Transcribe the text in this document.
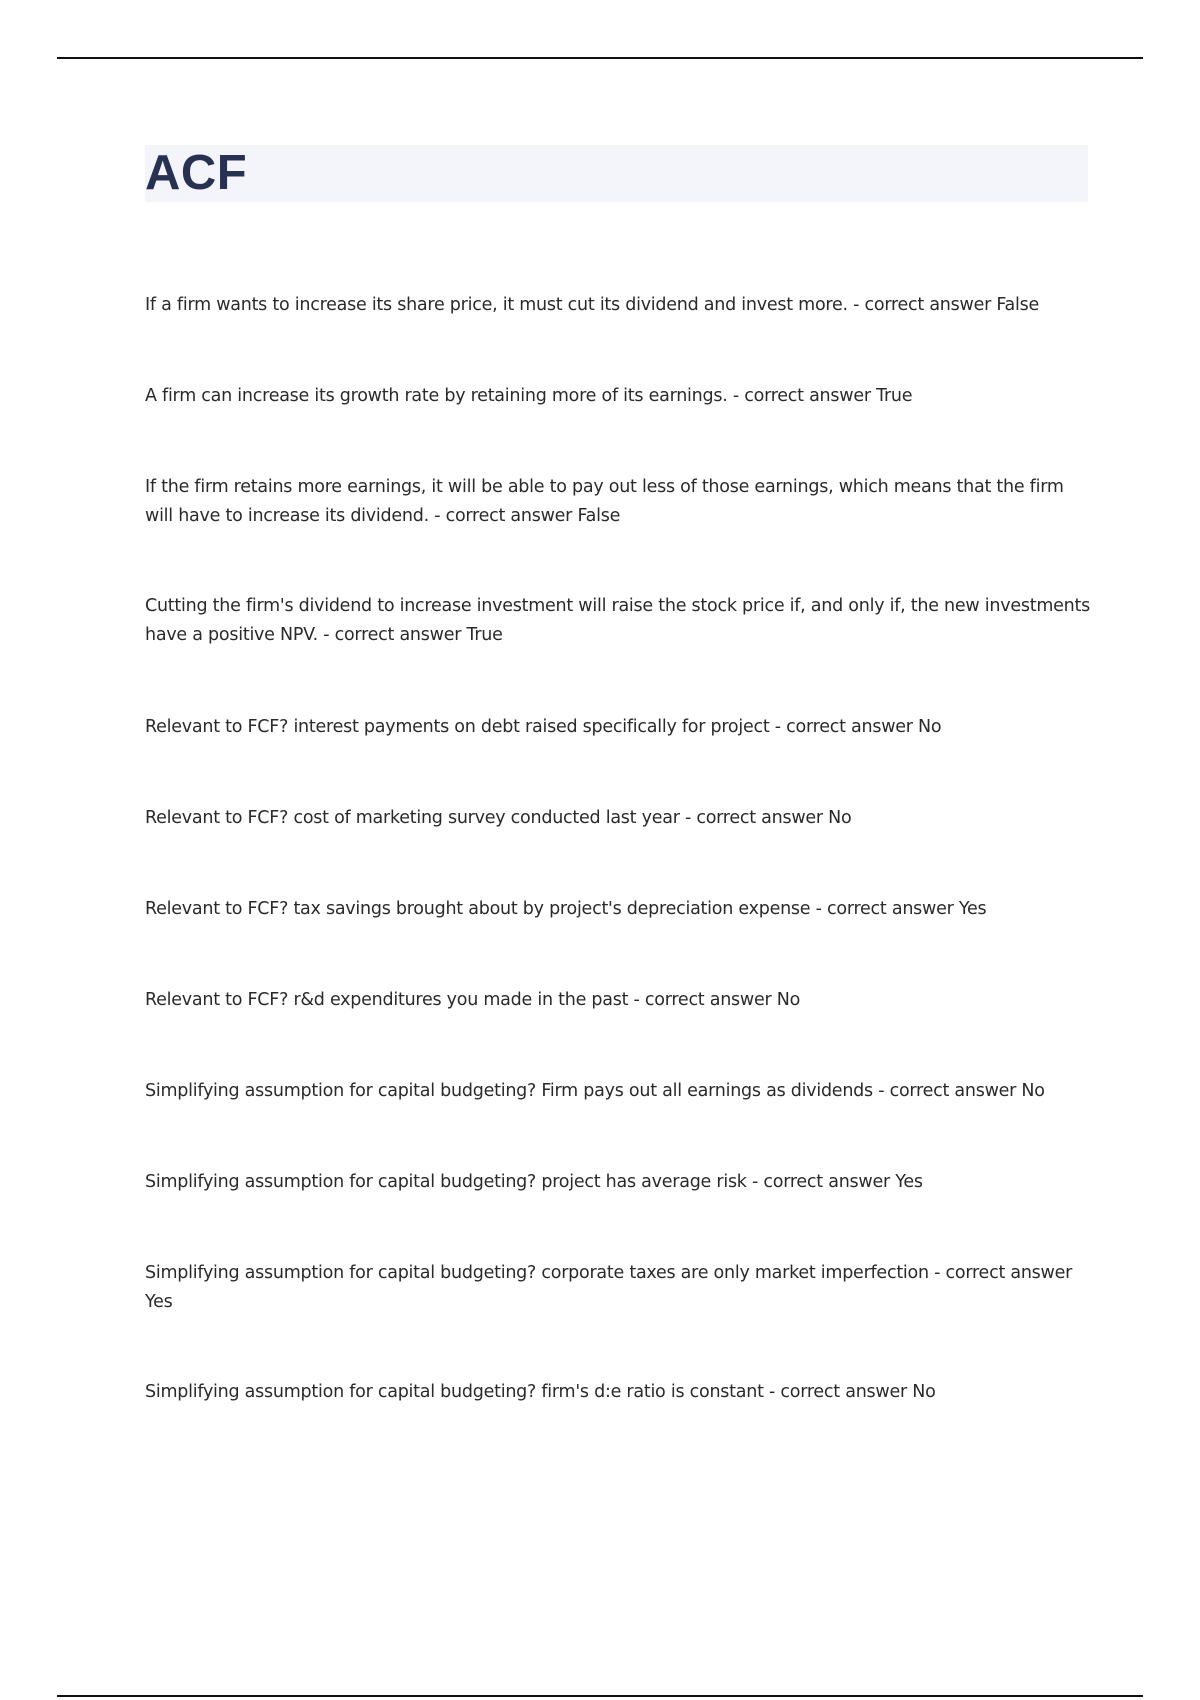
ACF

If a firm wants to increase its share price, it must cut its dividend and invest more. - correct answer False

A firm can increase its growth rate by retaining more of its earnings. - correct answer True

If the firm retains more earnings, it will be able to pay out less of those earnings, which means that the firm will have to increase its dividend. - correct answer False

Cutting the firm's dividend to increase investment will raise the stock price if, and only if, the new investments have a positive NPV. - correct answer True

Relevant to FCF? interest payments on debt raised specifically for project - correct answer No

Relevant to FCF? cost of marketing survey conducted last year - correct answer No

Relevant to FCF? tax savings brought about by project's depreciation expense - correct answer Yes

Relevant to FCF? r&d expenditures you made in the past - correct answer No

Simplifying assumption for capital budgeting? Firm pays out all earnings as dividends - correct answer No

Simplifying assumption for capital budgeting? project has average risk - correct answer Yes

Simplifying assumption for capital budgeting? corporate taxes are only market imperfection - correct answer Yes

Simplifying assumption for capital budgeting? firm's d:e ratio is constant - correct answer No
